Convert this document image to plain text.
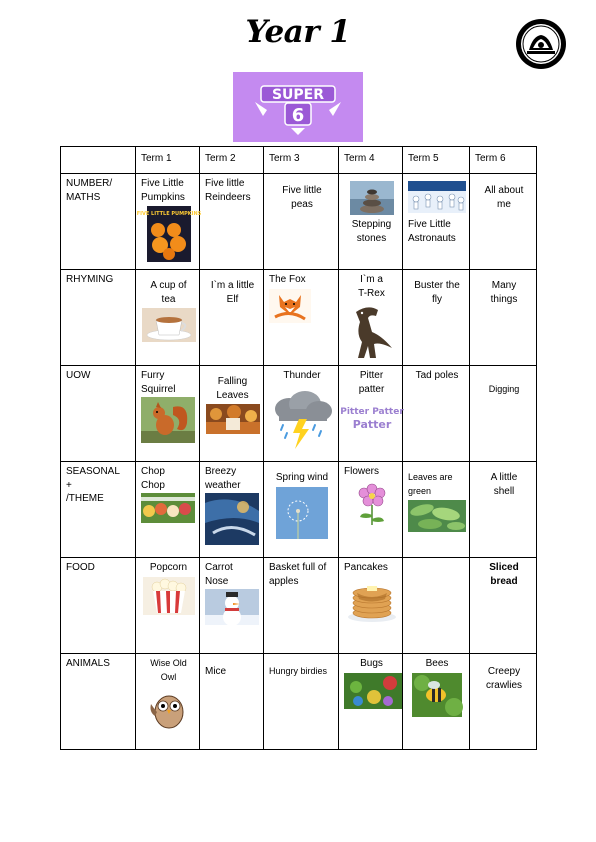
Year 1
SUPER
6
	Term 1	Term 2	Term 3	Term 4	Term 5	Term 6
NUMBER/
MATHS	Five Little
Pumpkins
FIVE LITTLE PUMPKINS	Five little
Reindeers	Five little
peas	Stepping
stones	Five Little
Astronauts	All about
me

RHYMING	A cup of
tea	I`m a little
Elf	The Fox	I`m a
T-Rex	Buster the
fly	Many
things

UOW	Furry
Squirrel	Falling
Leaves	Thunder	Pitter
patter
Pitter Patter
Patter	Tad poles	Digging

SEASONAL
+
/THEME	Chop
Chop	Breezy
weather	Spring wind	Flowers	Leaves are
green	A little
shell

FOOD	Popcorn	Carrot
Nose	Basket full of
apples	Pancakes		Sliced
bread

ANIMALS	Wise Old
Owl	Mice	Hungry birdies	Bugs	Bees	Creepy
crawlies
